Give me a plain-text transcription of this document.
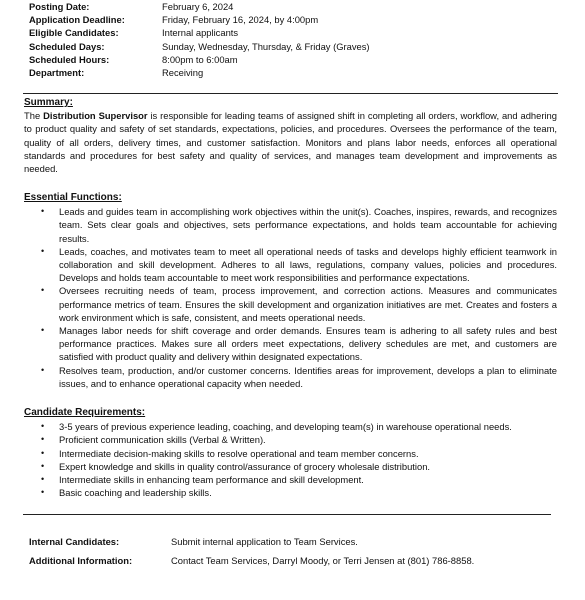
Posting Date:	February 6, 2024
Application Deadline:	Friday, February 16, 2024, by 4:00pm
Eligible Candidates:	Internal applicants
Scheduled Days:	Sunday, Wednesday, Thursday, & Friday (Graves)
Scheduled Hours:	8:00pm to 6:00am
Department:	Receiving

Summary:

The Distribution Supervisor is responsible for leading teams of assigned shift in completing all orders, workflow, and adhering to product quality and safety of set standards, expectations, policies, and procedures. Oversees the performance of the team, quality of all orders, delivery times, and customer satisfaction. Monitors and plans labor needs, enforces all operational standards and procedures for best safety and quality of services, and manages team development and improvements as needed.

Essential Functions:

• Leads and guides team in accomplishing work objectives within the unit(s). Coaches, inspires, rewards, and recognizes team. Sets clear goals and objectives, sets performance expectations, and holds team accountable for achieving results.
• Leads, coaches, and motivates team to meet all operational needs of tasks and develops highly efficient teamwork in collaboration and skill development. Adheres to all laws, regulations, company values, policies and procedures. Develops and holds team accountable to meet work responsibilities and performance expectations.
• Oversees recruiting needs of team, process improvement, and correction actions. Measures and communicates performance metrics of team. Ensures the skill development and organization initiatives are met. Creates and fosters a work environment which is safe, consistent, and meets operational needs.
• Manages labor needs for shift coverage and order demands. Ensures team is adhering to all safety rules and best performance practices. Makes sure all orders meet expectations, delivery schedules are met, and customers are satisfied with product quality and delivery within designated expectations.
• Resolves team, production, and/or customer concerns. Identifies areas for improvement, develops a plan to eliminate issues, and to enhance operational capacity when needed.

Candidate Requirements:

• 3-5 years of previous experience leading, coaching, and developing team(s) in warehouse operational needs.
• Proficient communication skills (Verbal & Written).
• Intermediate decision-making skills to resolve operational and team member concerns.
• Expert knowledge and skills in quality control/assurance of grocery wholesale distribution.
• Intermediate skills in enhancing team performance and skill development.
• Basic coaching and leadership skills.
Internal Candidates:	Submit internal application to Team Services.
Additional Information:	Contact Team Services, Darryl Moody, or Terri Jensen at (801) 786-8858.
